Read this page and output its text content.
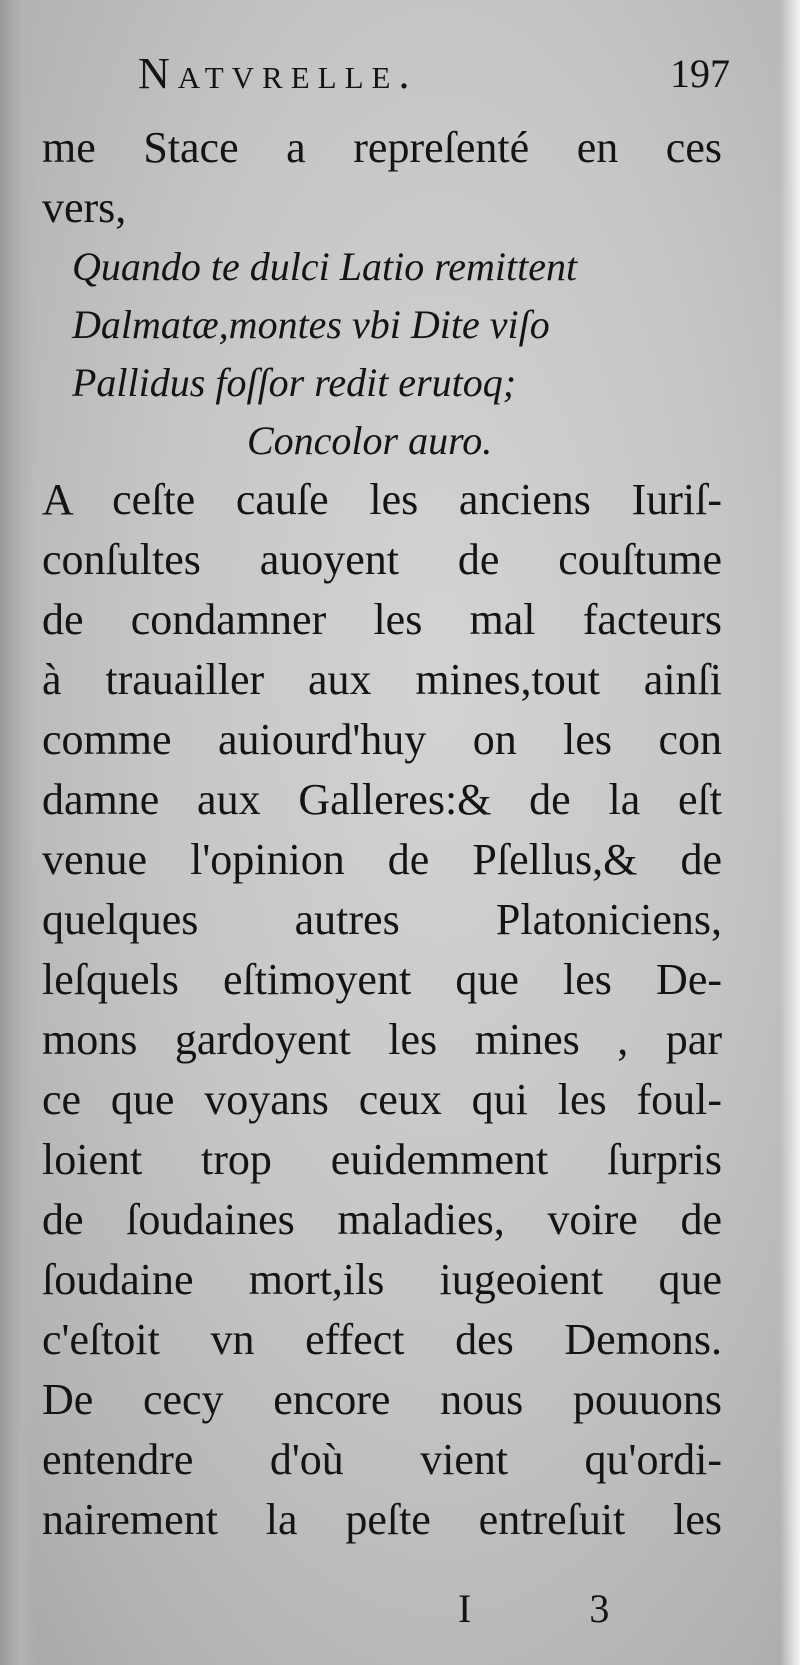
Natvrelle.	197
me Stace a repreſenté en ces
vers,
Quando te dulci Latio remittent
Dalmatæ,montes vbi Dite viſo
Pallidus foſſor redit erutoq;
Concolor auro.
A ceſte cauſe les anciens Iuriſ-
conſultes auoyent de couſtume
de condamner les mal facteurs
à trauailler aux mines,tout ainſi
comme auiourd'huy on les con
damne aux Galleres:& de la eſt
venue l'opinion de Pſellus,& de
quelques autres Platoniciens,
leſquels eſtimoyent que les De-
mons gardoyent les mines , par
ce que voyans ceux qui les foul-
loient trop euidemment ſurpris
de ſoudaines maladies, voire de
ſoudaine mort,ils iugeoient que
c'eſtoit vn effect des Demons.
De cecy encore nous pouuons
entendre d'où vient qu'ordi-
nairement la peſte entreſuit les
I 3
